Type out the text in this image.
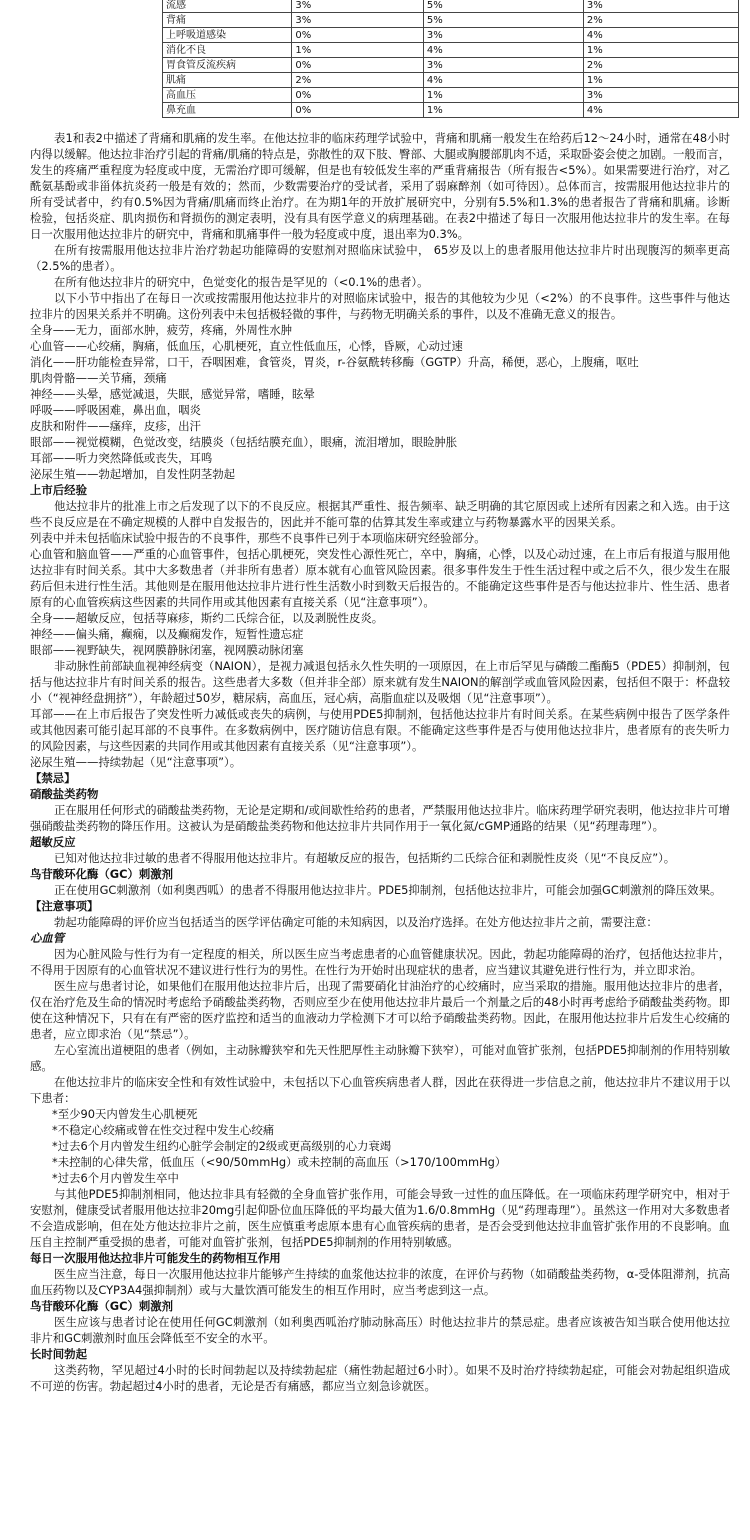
流感	3%	5%	3%
背痛	3%	5%	2%
上呼吸道感染	0%	3%	4%
消化不良	1%	4%	1%
胃食管反流疾病	0%	3%	2%
肌痛	2%	4%	1%
高血压	0%	1%	3%
鼻充血	0%	1%	4%

表1和表2中描述了背痛和肌痛的发生率。在他达拉非的临床药理学试验中，背痛和肌痛一般发生在给药后12～24小时，通常在48小时内得以缓解。他达拉非治疗引起的背痛/肌痛的特点是，弥散性的双下肢、臀部、大腿或胸腰部肌肉不适，采取卧姿会使之加剧。一般而言，发生的疼痛严重程度为轻度或中度，无需治疗即可缓解，但是也有较低发生率的严重背痛报告（所有报告<5%）。如果需要进行治疗，对乙酰氨基酚或非甾体抗炎药一般是有效的；然而，少数需要治疗的受试者，采用了弱麻醉剂（如可待因）。总体而言，按需服用他达拉非片的所有受试者中，约有0.5%因为背痛/肌痛而终止治疗。在为期1年的开放扩展研究中，分别有5.5%和1.3%的患者报告了背痛和肌痛。诊断检验，包括炎症、肌肉损伤和肾损伤的测定表明，没有具有医学意义的病理基础。在表2中描述了每日一次服用他达拉非片的发生率。在每日一次服用他达拉非片的研究中，背痛和肌痛事件一般为轻度或中度，退出率为0.3%。

在所有按需服用他达拉非片治疗勃起功能障碍的安慰剂对照临床试验中， 65岁及以上的患者服用他达拉非片时出现腹泻的频率更高（2.5%的患者）。

在所有他达拉非片的研究中，色觉变化的报告是罕见的（<0.1%的患者）。

以下小节中指出了在每日一次或按需服用他达拉非片的对照临床试验中，报告的其他较为少见（<2%）的不良事件。这些事件与他达拉非片的因果关系并不明确。这份列表中未包括极轻微的事件，与药物无明确关系的事件，以及不准确无意义的报告。

全身——无力，面部水肿，疲劳，疼痛，外周性水肿

心血管——心绞痛，胸痛，低血压，心肌梗死，直立性低血压，心悸，昏厥，心动过速

消化——肝功能检查异常，口干，吞咽困难，食管炎，胃炎，r-谷氨酰转移酶（GGTP）升高，稀便，恶心，上腹痛，呕吐

肌肉骨骼——关节痛，颈痛

神经——头晕，感觉减退，失眠，感觉异常，嗜睡，眩晕

呼吸——呼吸困难，鼻出血，咽炎

皮肤和附件——瘙痒，皮疹，出汗

眼部——视觉模糊，色觉改变，结膜炎（包括结膜充血），眼痛，流泪增加，眼睑肿胀

耳部——听力突然降低或丧失，耳鸣

泌尿生殖——勃起增加，自发性阴茎勃起

上市后经验

他达拉非片的批准上市之后发现了以下的不良反应。根据其严重性、报告频率、缺乏明确的其它原因或上述所有因素之和入选。由于这些不良反应是在不确定规模的人群中自发报告的，因此并不能可靠的估算其发生率或建立与药物暴露水平的因果关系。

列表中并未包括临床试验中报告的不良事件，那些不良事件已列于本项临床研究经验部分。

心血管和脑血管——严重的心血管事件，包括心肌梗死，突发性心源性死亡，卒中，胸痛，心悸，以及心动过速，在上市后有报道与服用他达拉非有时间关系。其中大多数患者（并非所有患者）原本就有心血管风险因素。很多事件发生于性生活过程中或之后不久，很少发生在服药后但未进行性生活。其他则是在服用他达拉非片进行性生活数小时到数天后报告的。不能确定这些事件是否与他达拉非片、性生活、患者原有的心血管疾病这些因素的共同作用或其他因素有直接关系（见“注意事项”）。

全身——超敏反应，包括荨麻疹，斯约二氏综合征，以及剥脱性皮炎。

神经——偏头痛，癫痫，以及癫痫发作，短暂性遗忘症

眼部——视野缺失，视网膜静脉闭塞，视网膜动脉闭塞

非动脉性前部缺血视神经病变（NAION），是视力减退包括永久性失明的一项原因，在上市后罕见与磷酸二酯酶5（PDE5）抑制剂，包括与他达拉非片有时间关系的报告。这些患者大多数（但并非全部）原来就有发生NAION的解剖学或血管风险因素，包括但不限于：杯盘较小（“视神经盘拥挤”），年龄超过50岁，糖尿病，高血压，冠心病，高脂血症以及吸烟（见“注意事项”）。

耳部——在上市后报告了突发性听力减低或丧失的病例，与使用PDE5抑制剂，包括他达拉非片有时间关系。在某些病例中报告了医学条件或其他因素可能引起耳部的不良事件。在多数病例中，医疗随访信息有限。不能确定这些事件是否与使用他达拉非片，患者原有的丧失听力的风险因素，与这些因素的共同作用或其他因素有直接关系（见“注意事项”）。

泌尿生殖——持续勃起（见“注意事项”）。

【禁忌】

硝酸盐类药物

正在服用任何形式的硝酸盐类药物，无论是定期和/或间歇性给药的患者，严禁服用他达拉非片。临床药理学研究表明，他达拉非片可增强硝酸盐类药物的降压作用。这被认为是硝酸盐类药物和他达拉非片共同作用于一氧化氮/cGMP通路的结果（见“药理毒理”）。

超敏反应

已知对他达拉非过敏的患者不得服用他达拉非片。有超敏反应的报告，包括斯约二氏综合征和剥脱性皮炎（见“不良反应”）。

鸟苷酸环化酶（GC）刺激剂

正在使用GC刺激剂（如利奥西呱）的患者不得服用他达拉非片。PDE5抑制剂，包括他达拉非片，可能会加强GC刺激剂的降压效果。

【注意事项】

勃起功能障碍的评价应当包括适当的医学评估确定可能的未知病因，以及治疗选择。在处方他达拉非片之前，需要注意：

心血管

因为心脏风险与性行为有一定程度的相关，所以医生应当考虑患者的心血管健康状况。因此，勃起功能障碍的治疗，包括他达拉非片，不得用于因原有的心血管状况不建议进行性行为的男性。在性行为开始时出现症状的患者，应当建议其避免进行性行为，并立即求治。

医生应与患者讨论，如果他们在服用他达拉非片后，出现了需要硝化甘油治疗的心绞痛时，应当采取的措施。服用他达拉非片的患者，仅在治疗危及生命的情况时考虑给予硝酸盐类药物，否则应至少在使用他达拉非片最后一个剂量之后的48小时再考虑给予硝酸盐类药物。即使在这种情况下，只有在有严密的医疗监控和适当的血液动力学检测下才可以给予硝酸盐类药物。因此，在服用他达拉非片后发生心绞痛的患者，应立即求治（见“禁忌”）。

左心室流出道梗阻的患者（例如，主动脉瓣狭窄和先天性肥厚性主动脉瓣下狭窄），可能对血管扩张剂，包括PDE5抑制剂的作用特别敏感。

在他达拉非片的临床安全性和有效性试验中，未包括以下心血管疾病患者人群，因此在获得进一步信息之前，他达拉非片不建议用于以下患者：

*至少90天内曾发生心肌梗死

*不稳定心绞痛或曾在性交过程中发生心绞痛

*过去6个月内曾发生纽约心脏学会制定的2级或更高级别的心力衰竭

*未控制的心律失常，低血压（<90/50mmHg）或未控制的高血压（>170/100mmHg）

*过去6个月内曾发生卒中

与其他PDE5抑制剂相同，他达拉非具有轻微的全身血管扩张作用，可能会导致一过性的血压降低。在一项临床药理学研究中，相对于安慰剂，健康受试者服用他达拉非20mg引起仰卧位血压降低的平均最大值为1.6/0.8mmHg（见“药理毒理”）。虽然这一作用对大多数患者不会造成影响，但在处方他达拉非片之前，医生应慎重考虑原本患有心血管疾病的患者，是否会受到他达拉非血管扩张作用的不良影响。血压自主控制严重受损的患者，可能对血管扩张剂，包括PDE5抑制剂的作用特别敏感。

每日一次服用他达拉非片可能发生的药物相互作用

医生应当注意，每日一次服用他达拉非片能够产生持续的血浆他达拉非的浓度，在评价与药物（如硝酸盐类药物，α-受体阻滞剂，抗高血压药物以及CYP3A4强抑制剂）或与大量饮酒可能发生的相互作用时，应当考虑到这一点。

鸟苷酸环化酶（GC）刺激剂

医生应该与患者讨论在使用任何GC刺激剂（如利奥西呱治疗肺动脉高压）时他达拉非片的禁忌症。患者应该被告知当联合使用他达拉非片和GC刺激剂时血压会降低至不安全的水平。

长时间勃起

这类药物，罕见超过4小时的长时间勃起以及持续勃起症（痛性勃起超过6小时）。如果不及时治疗持续勃起症，可能会对勃起组织造成不可逆的伤害。勃起超过4小时的患者，无论是否有痛感，都应当立刻急诊就医。
